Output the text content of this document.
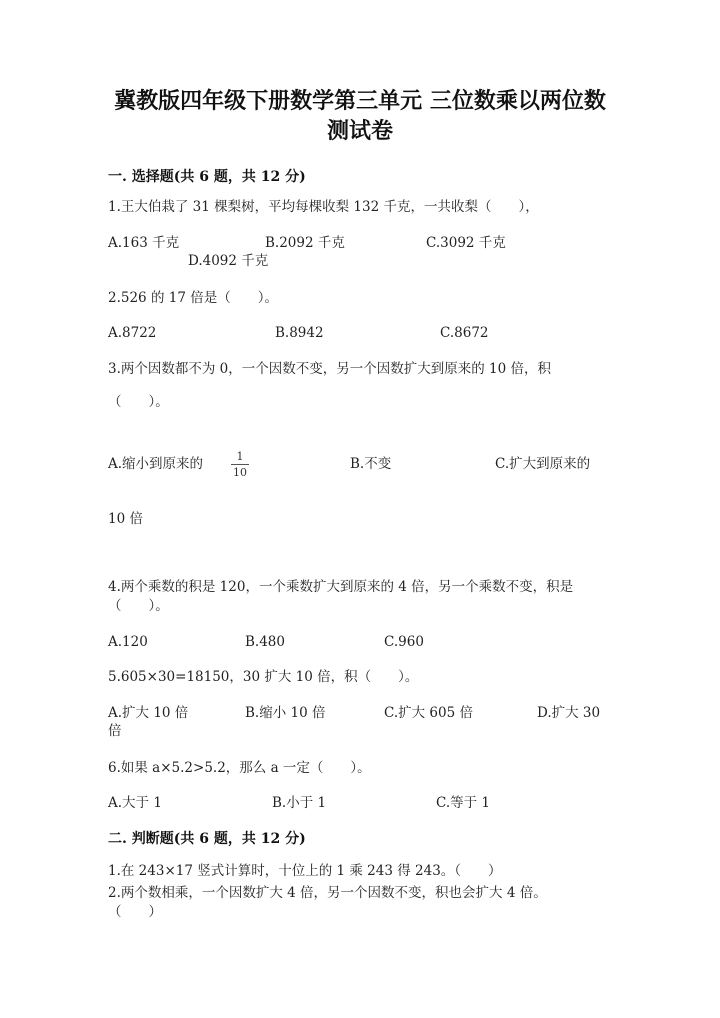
冀教版四年级下册数学第三单元 三位数乘以两位数
测试卷
一. 选择题(共 6 题，共 12 分)
1.王大伯栽了 31 棵梨树，平均每棵收梨 132 千克，一共收梨（　　），
A.163 千克	B.2092 千克	C.3092 千克
D.4092 千克
2.526 的 17 倍是（　　）。
A.8722	B.8942	C.8672
3.两个因数都不为 0，一个因数不变，另一个因数扩大到原来的 10 倍，积
（　　）。
A.缩小到原来的	1
10
B.不变	C.扩大到原来的
10 倍
4.两个乘数的积是 120，一个乘数扩大到原来的 4 倍，另一个乘数不变，积是
（　　）。
A.120	B.480	C.960
5.605×30=18150，30 扩大 10 倍，积（　　）。
A.扩大 10 倍	B.缩小 10 倍	C.扩大 605 倍	D.扩大 30
倍
6.如果 a×5.2>5.2，那么 a 一定（　　）。
A.大于 1	B.小于 1	C.等于 1
二. 判断题(共 6 题，共 12 分)
1.在 243×17 竖式计算时，十位上的 1 乘 243 得 243。（　　）
2.两个数相乘，一个因数扩大 4 倍，另一个因数不变，积也会扩大 4 倍。
（　　）
